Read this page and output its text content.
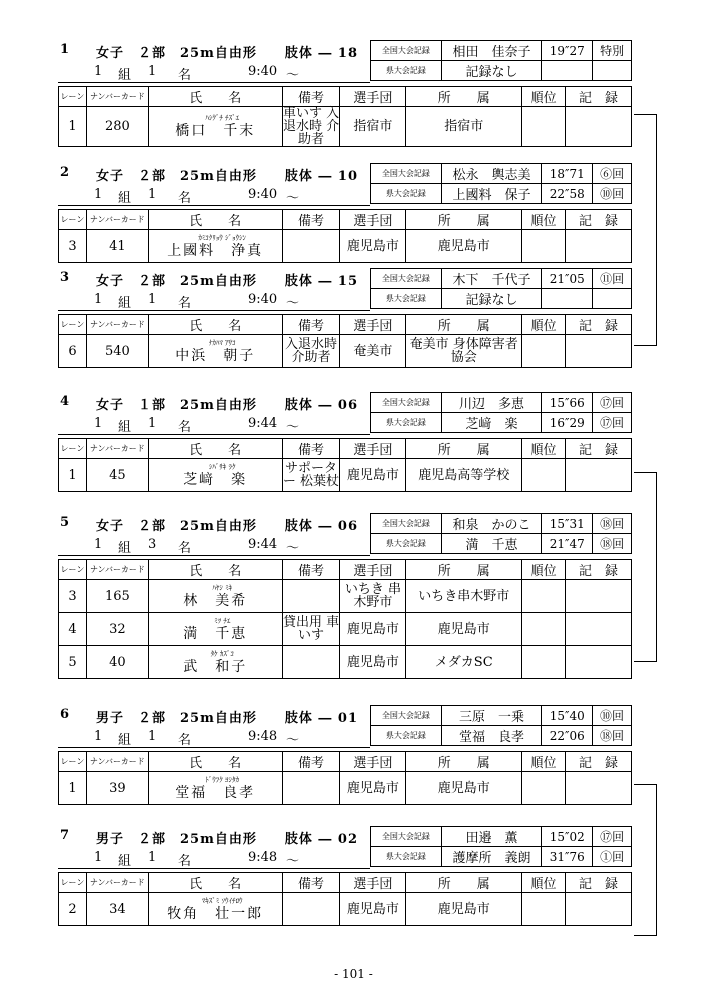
1 女子　２部　25m自由形　　肢体 ― 18	全国大会記録	相田　佳奈子	19″27	特別
県大会記録	記録なし		
1 組 1 名	9:40 ～
レーン	ナンバーカード	氏　　名	備考	選手団	所　　属	順位	記　録
1	280	ﾊｼｸﾞﾁ ﾁｽﾞｴ
橋口　千末	車いす 入退水時 介助者	指宿市	指宿市		
2 女子　２部　25m自由形　　肢体 ― 10	全国大会記録	松永　輿志美	18″71	⑥回
県大会記録	上國料　保子	22″58	⑩回
1 組 1 名	9:40 ～
レーン	ナンバーカード	氏　　名	備考	選手団	所　　属	順位	記　録
3	41	ｶﾐｺｸﾘｮｳ ｼﾞｮｳｼﾝ
上國料　浄真		鹿児島市	鹿児島市		
3 女子　２部　25m自由形　　肢体 ― 15	全国大会記録	木下　千代子	21″05	⑪回
県大会記録	記録なし		
1 組 1 名	9:40 ～
レーン	ナンバーカード	氏　　名	備考	選手団	所　　属	順位	記　録
6	540	ﾅｶﾊﾏ ｱｻｺ
中浜　朝子	入退水時 介助者	奄美市	奄美市 身体障害者協会		
4 女子　１部　25m自由形　　肢体 ― 06	全国大会記録	川辺　多恵	15″66	⑰回
県大会記録	芝﨑　楽	16″29	⑰回
1 組 1 名	9:44 ～
レーン	ナンバーカード	氏　　名	備考	選手団	所　　属	順位	記　録
1	45	ｼﾊﾞｻｷ ﾗｸ
芝﨑　楽	サポーター 松葉杖	鹿児島市	鹿児島高等学校		
5 女子　２部　25m自由形　　肢体 ― 06	全国大会記録	和泉　かのこ	15″31	⑱回
県大会記録	満　千恵	21″47	⑱回
1 組 3 名	9:44 ～
レーン	ナンバーカード	氏　　名	備考	選手団	所　　属	順位	記　録
3	165	ﾊﾔｼ ﾐｷ
林　美希		いちき 串木野市	いちき串木野市		
4	32	ﾐﾂ ﾁｴ
満　千恵	貸出用 車いす	鹿児島市	鹿児島市		
5	40	ﾀｹ ｶｽﾞｺ
武　和子		鹿児島市	メダカSC		
6 男子　２部　25m自由形　　肢体 ― 01	全国大会記録	三原　一乗	15″40	⑩回
県大会記録	堂福　良孝	22″06	⑱回
1 組 1 名	9:48 ～
レーン	ナンバーカード	氏　　名	備考	選手団	所　　属	順位	記　録
1	39	ﾄﾞｳﾌｸ ﾖｼﾀｶ
堂福　良孝		鹿児島市	鹿児島市		
7 男子　２部　25m自由形　　肢体 ― 02	全国大会記録	田邉　薫	15″02	⑰回
県大会記録	護摩所　義朗	31″76	①回
1 組 1 名	9:48 ～
レーン	ナンバーカード	氏　　名	備考	選手団	所　　属	順位	記　録
2	34	ﾏｷｽﾞﾐ ｿｳｲﾁﾛｳ
牧角　壮一郎		鹿児島市	鹿児島市		
- 101 -
